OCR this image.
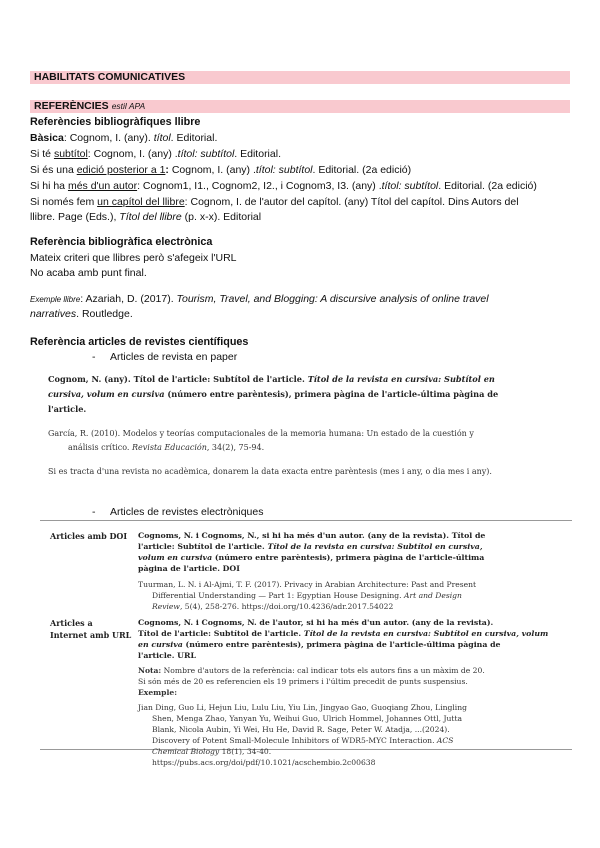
HABILITATS COMUNICATIVES
REFERÈNCIES estil APA
Referències bibliogràfiques llibre
Bàsica: Cognom, I. (any). títol. Editorial.
Si té subtítol: Cognom, I. (any) .títol: subtítol. Editorial.
Si és una edició posterior a 1: Cognom, I. (any) .títol: subtítol. Editorial. (2a edició)
Si hi ha més d'un autor: Cognom1, I1., Cognom2, I2., i Cognom3, I3. (any) .títol: subtítol. Editorial. (2a edició)
Si només fem un capítol del llibre: Cognom, I. de l'autor del capítol. (any) Títol del capítol. Dins Autors del
llibre. Page (Eds.), Títol del llibre (p. x-x). Editorial
Referència bibliogràfica electrònica
Mateix criteri que llibres però s'afegeix l'URL
No acaba amb punt final.
Exemple llibre: Azariah, D. (2017). Tourism, Travel, and Blogging: A discursive analysis of online travel
narratives. Routledge.
Referència articles de revistes científiques
- Articles de revista en paper
Cognom, N. (any). Títol de l'article: Subtítol de l'article. Títol de la revista en cursiva: Subtítol en
cursiva, volum en cursiva (número entre parèntesis), primera pàgina de l'article-última pàgina de
l'article.
García, R. (2010). Modelos y teorías computacionales de la memoria humana: Un estado de la cuestión y
análisis crítico. Revista Educación, 34(2), 75-94.
Si es tracta d'una revista no acadèmica, donarem la data exacta entre parèntesis (mes i any, o dia mes i any).
- Articles de revistes electròniques
Articles amb DOI Cognoms, N. i Cognoms, N., si hi ha més d'un autor. (any de la revista). Títol de
l'article: Subtítol de l'article. Títol de la revista en cursiva: Subtítol en cursiva,
volum en cursiva (número entre parèntesis), primera pàgina de l'article-última
pàgina de l'article. DOI

Tuurman, L. N. i Al-Ajmi, T. F. (2017). Privacy in Arabian Architecture: Past and Present
Differential Understanding — Part 1: Egyptian House Designing. Art and Design
Review, 5(4), 258-276. https://doi.org/10.4236/adr.2017.54022

Articles a
Internet amb URL

Cognoms, N. i Cognoms, N. de l'autor, si hi ha més d'un autor. (any de la revista).
Títol de l'article: Subtítol de l'article. Títol de la revista en cursiva: Subtítol en cursiva, volum
en cursiva (número entre parèntesis), primera pàgina de l'article-última pàgina de
l'article. URL

Nota: Nombre d'autors de la referència: cal indicar tots els autors fins a un màxim de 20.
Si són més de 20 es referencien els 19 primers i l'últim precedit de punts suspensius.
Exemple:

Jian Ding, Guo Li, Hejun Liu, Lulu Liu, Yiu Lin, Jingyao Gao, Guoqiang Zhou, Lingling
Shen, Menga Zhao, Yanyan Yu, Weihui Guo, Ulrich Hommel, Johannes Ottl, Jutta
Blank, Nicola Aubin, Yi Wei, Hu He, David R. Sage, Peter W. Atadja, ...(2024).
Discovery of Potent Small-Molecule Inhibitors of WDR5-MYC Interaction. ACS
Chemical Biology 18(1), 34-40.
https://pubs.acs.org/doi/pdf/10.1021/acschembio.2c00638
